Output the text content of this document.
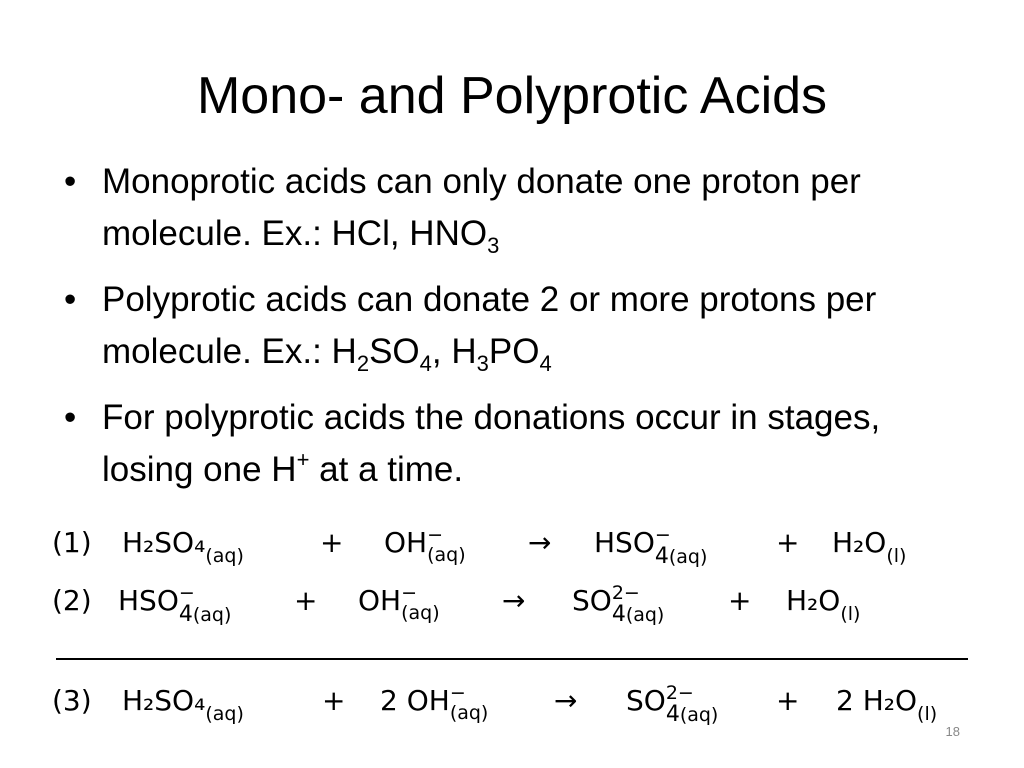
Mono- and Polyprotic Acids
• Monoprotic acids can only donate one proton per molecule. Ex.: HCl, $HNO_3$
• Polyprotic acids can donate 2 or more protons per molecule. Ex.: $H_2SO_4$, $H_3PO_4$
• For polyprotic acids the donations occur in stages, losing one H+ at a time.
(1) $H_2SO_4_{(aq)}$	+ OH −
(aq) → HSO −
$4(aq) + H_2O_{(l)}$
(2) HSO −
4(aq) + OH −
(aq) → SO 2−
$4(aq) + H_2O_{(l)}$
(3) $H_2SO_4_{(aq)}$	+ 2 OH −
(aq) → SO 2−
4(aq) + 2 $H_2O_{(l)}$
18
